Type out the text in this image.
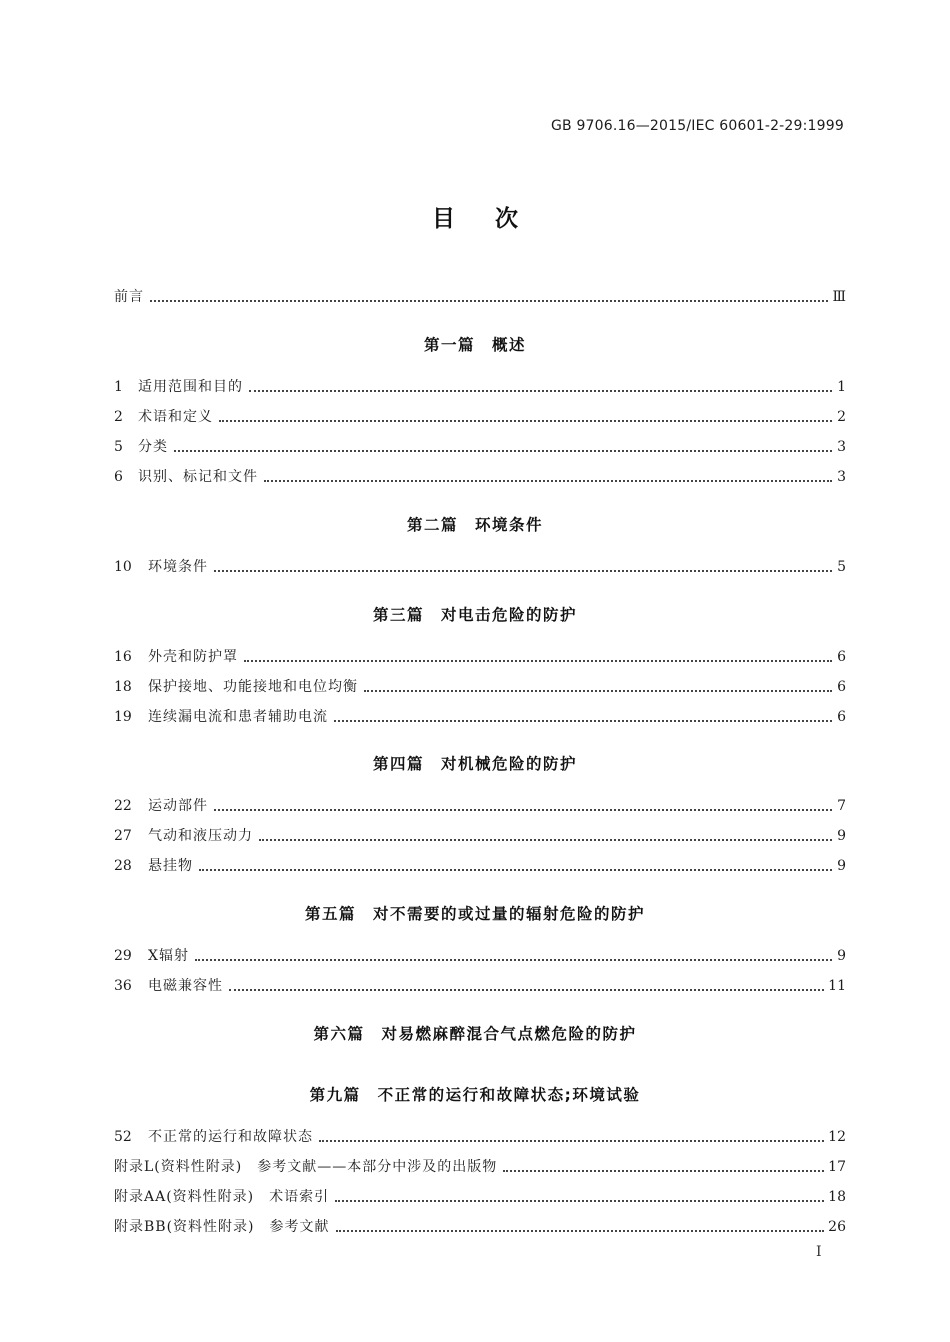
GB 9706.16—2015/IEC 60601-2-29:1999
目次
前言	Ⅲ
第一篇　概述
1	适用范围和目的	1
2	术语和定义	2
5	分类	3
6	识别、标记和文件	3
第二篇　环境条件
10	环境条件	5
第三篇　对电击危险的防护
16	外壳和防护罩	6
18	保护接地、功能接地和电位均衡	6
19	连续漏电流和患者辅助电流	6
第四篇　对机械危险的防护
22	运动部件	7
27	气动和液压动力	9
28	悬挂物	9
第五篇　对不需要的或过量的辐射危险的防护
29	X辐射	9
36	电磁兼容性	11
第六篇　对易燃麻醉混合气点燃危险的防护
第九篇　不正常的运行和故障状态;环境试验
52	不正常的运行和故障状态	12
附录L(资料性附录)　参考文献——本部分中涉及的出版物	17
附录AA(资料性附录)　术语索引	18
附录BB(资料性附录)　参考文献	26
I
